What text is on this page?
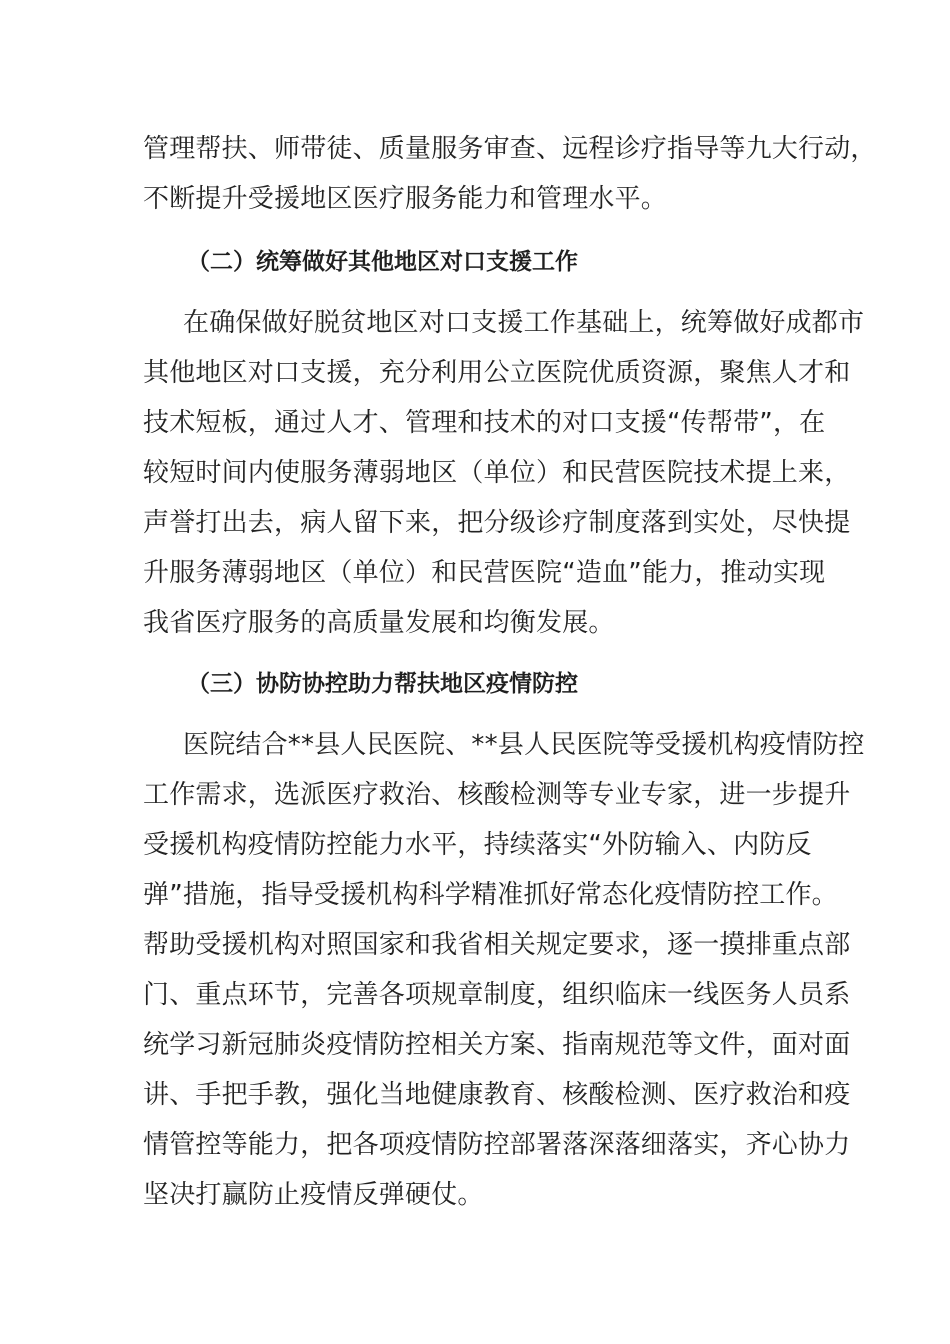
管理帮扶、师带徒、质量服务审查、远程诊疗指导等九大行动，
不断提升受援地区医疗服务能力和管理水平。
（二）统筹做好其他地区对口支援工作
在确保做好脱贫地区对口支援工作基础上，统筹做好成都市
其他地区对口支援，充分利用公立医院优质资源，聚焦人才和
技术短板，通过人才、管理和技术的对口支援“传帮带”，在
较短时间内使服务薄弱地区（单位）和民营医院技术提上来，
声誉打出去，病人留下来，把分级诊疗制度落到实处，尽快提
升服务薄弱地区（单位）和民营医院“造血”能力，推动实现
我省医疗服务的高质量发展和均衡发展。
（三）协防协控助力帮扶地区疫情防控
医院结合**县人民医院、**县人民医院等受援机构疫情防控
工作需求，选派医疗救治、核酸检测等专业专家，进一步提升
受援机构疫情防控能力水平，持续落实“外防输入、内防反
弹”措施，指导受援机构科学精准抓好常态化疫情防控工作。
帮助受援机构对照国家和我省相关规定要求，逐一摸排重点部
门、重点环节，完善各项规章制度，组织临床一线医务人员系
统学习新冠肺炎疫情防控相关方案、指南规范等文件，面对面
讲、手把手教，强化当地健康教育、核酸检测、医疗救治和疫
情管控等能力，把各项疫情防控部署落深落细落实，齐心协力
坚决打赢防止疫情反弹硬仗。
